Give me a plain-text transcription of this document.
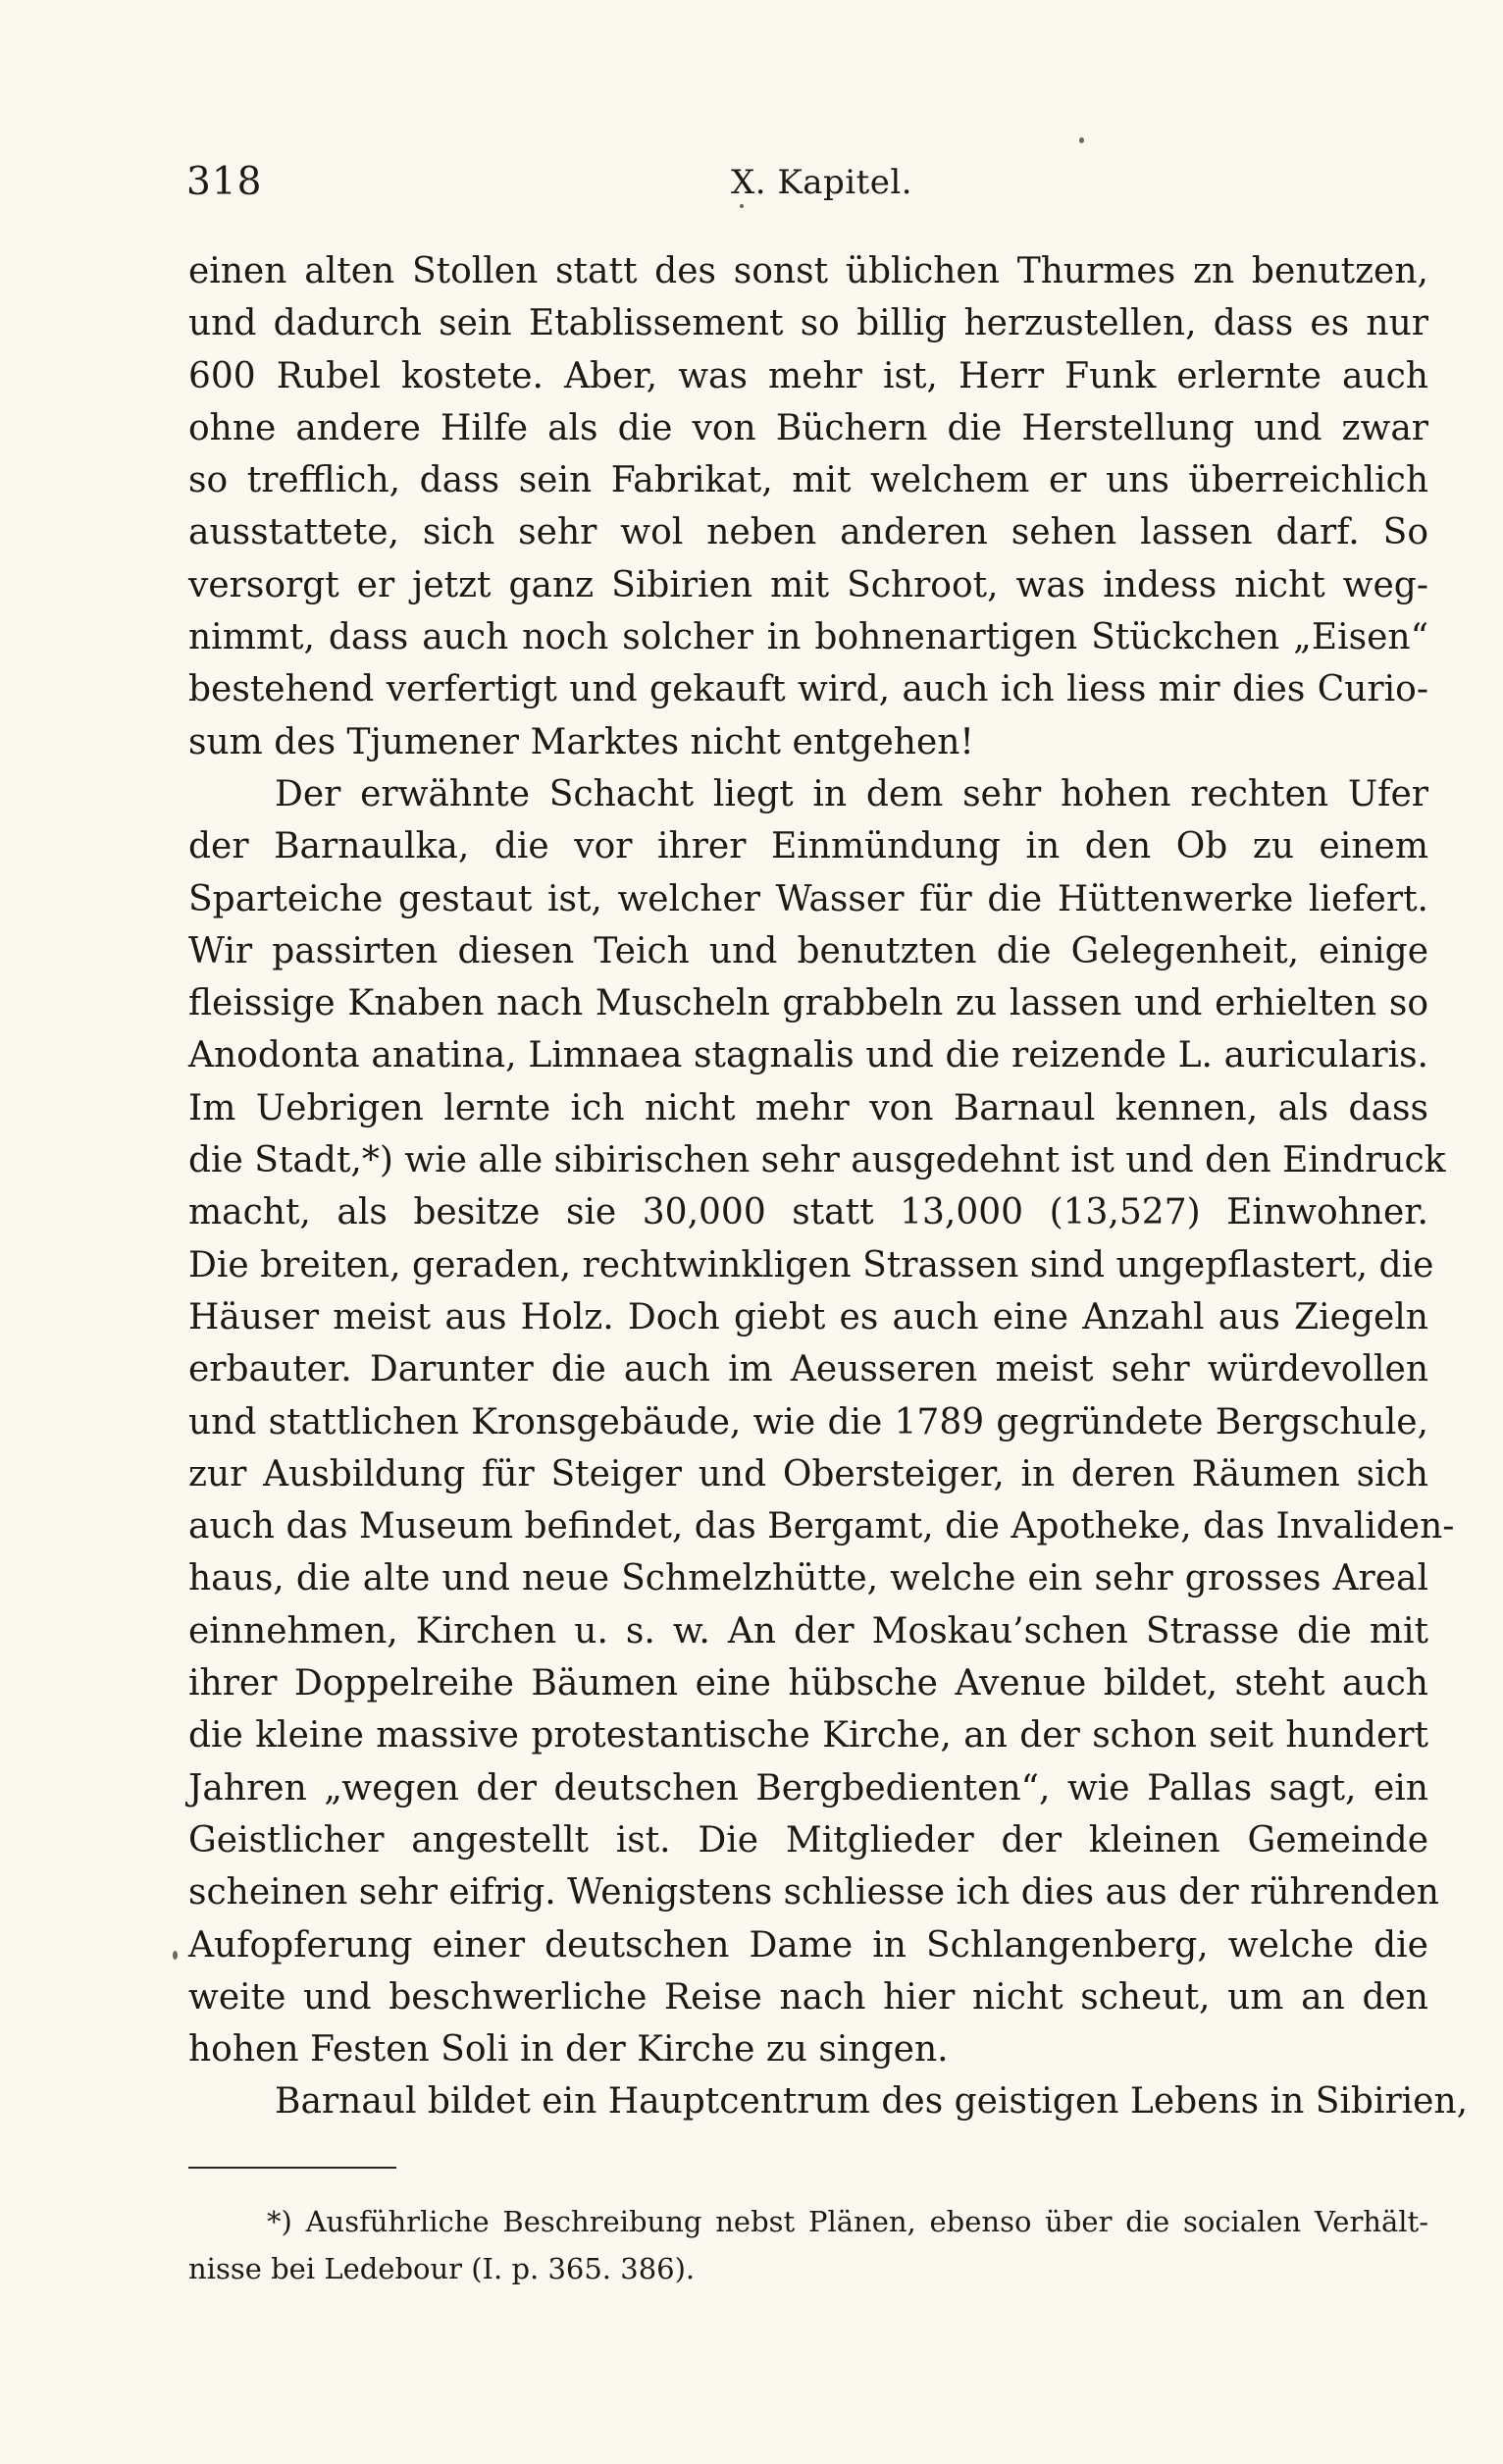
318	X. Kapitel.
einen alten Stollen statt des sonst üblichen Thurmes zn benutzen,
und dadurch sein Etablissement so billig herzustellen, dass es nur
600 Rubel kostete. Aber, was mehr ist, Herr Funk erlernte auch
ohne andere Hilfe als die von Büchern die Herstellung und zwar
so trefflich, dass sein Fabrikat, mit welchem er uns überreichlich
ausstattete, sich sehr wol neben anderen sehen lassen darf. So
versorgt er jetzt ganz Sibirien mit Schroot, was indess nicht weg-
nimmt, dass auch noch solcher in bohnenartigen Stückchen „Eisen“
bestehend verfertigt und gekauft wird, auch ich liess mir dies Curio-
sum des Tjumener Marktes nicht entgehen!
Der erwähnte Schacht liegt in dem sehr hohen rechten Ufer
der Barnaulka, die vor ihrer Einmündung in den Ob zu einem
Sparteiche gestaut ist, welcher Wasser für die Hüttenwerke liefert.
Wir passirten diesen Teich und benutzten die Gelegenheit, einige
fleissige Knaben nach Muscheln grabbeln zu lassen und erhielten so
Anodonta anatina, Limnaea stagnalis und die reizende L. auricularis.
Im Uebrigen lernte ich nicht mehr von Barnaul kennen, als dass
die Stadt,*) wie alle sibirischen sehr ausgedehnt ist und den Eindruck
macht, als besitze sie 30,000 statt 13,000 (13,527) Einwohner.
Die breiten, geraden, rechtwinkligen Strassen sind ungepflastert, die
Häuser meist aus Holz. Doch giebt es auch eine Anzahl aus Ziegeln
erbauter. Darunter die auch im Aeusseren meist sehr würdevollen
und stattlichen Kronsgebäude, wie die 1789 gegründete Bergschule,
zur Ausbildung für Steiger und Obersteiger, in deren Räumen sich
auch das Museum befindet, das Bergamt, die Apotheke, das Invaliden-
haus, die alte und neue Schmelzhütte, welche ein sehr grosses Areal
einnehmen, Kirchen u. s. w. An der Moskau’schen Strasse die mit
ihrer Doppelreihe Bäumen eine hübsche Avenue bildet, steht auch
die kleine massive protestantische Kirche, an der schon seit hundert
Jahren „wegen der deutschen Bergbedienten“, wie Pallas sagt, ein
Geistlicher angestellt ist. Die Mitglieder der kleinen Gemeinde
scheinen sehr eifrig. Wenigstens schliesse ich dies aus der rührenden
Aufopferung einer deutschen Dame in Schlangenberg, welche die
weite und beschwerliche Reise nach hier nicht scheut, um an den
hohen Festen Soli in der Kirche zu singen.
Barnaul bildet ein Hauptcentrum des geistigen Lebens in Sibirien,
*) Ausführliche Beschreibung nebst Plänen, ebenso über die socialen Verhält-
nisse bei Ledebour (I. p. 365. 386).
